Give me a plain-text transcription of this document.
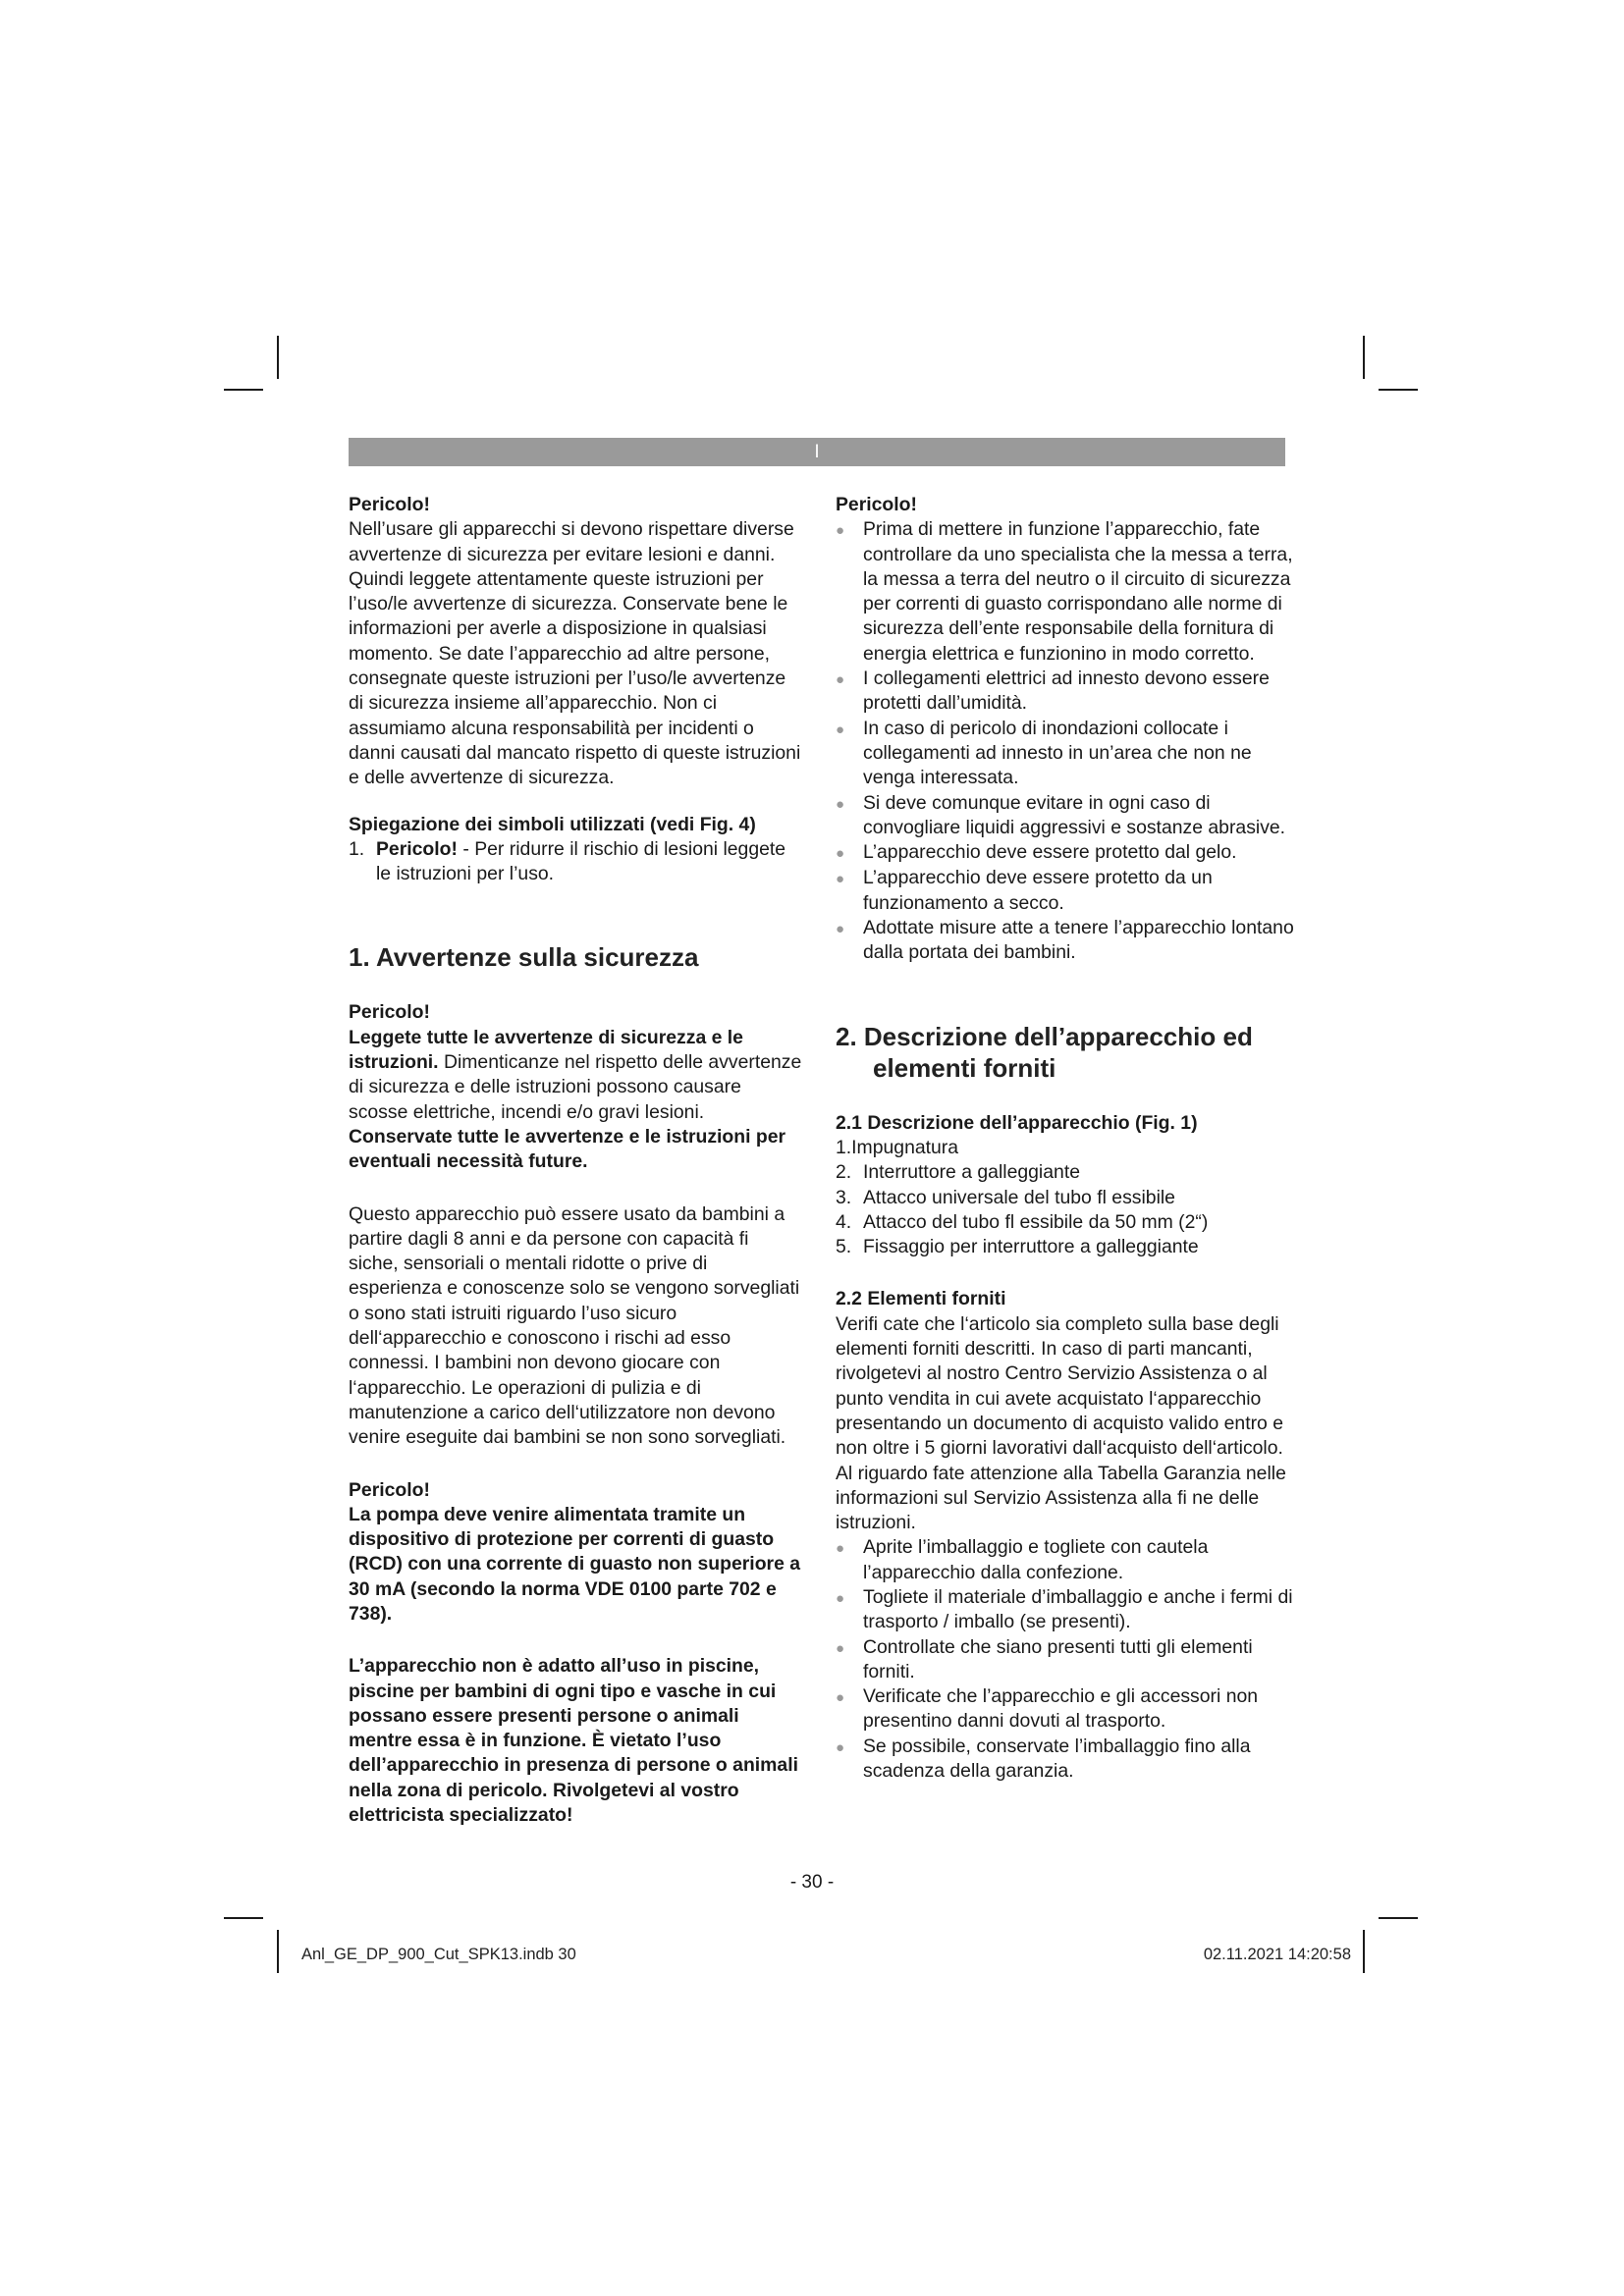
I

Pericolo!

Nell’usare gli apparecchi si devono rispettare diverse avvertenze di sicurezza per evitare lesioni e danni. Quindi leggete attentamente queste istruzioni per l’uso/le avvertenze di sicurezza. Conservate bene le informazioni per averle a disposizione in qualsiasi momento. Se date l’apparecchio ad altre persone, consegnate queste istruzioni per l’uso/le avvertenze di sicurezza insieme all’apparecchio. Non ci assumiamo alcuna responsabilità per incidenti o danni causati dal mancato rispetto di queste istruzioni e delle avvertenze di sicurezza.

Spiegazione dei simboli utilizzati (vedi Fig. 4)

1. Pericolo! - Per ridurre il rischio di lesioni leggete le istruzioni per l’uso.

1. Avvertenze sulla sicurezza

Pericolo!

Leggete tutte le avvertenze di sicurezza e le istruzioni. Dimenticanze nel rispetto delle avvertenze di sicurezza e delle istruzioni possono causare scosse elettriche, incendi e/o gravi lesioni.

Conservate tutte le avvertenze e le istruzioni per eventuali necessità future.

Questo apparecchio può essere usato da bambini a partire dagli 8 anni e da persone con capacità fi siche, sensoriali o mentali ridotte o prive di esperienza e conoscenze solo se vengono sorvegliati o sono stati istruiti riguardo l’uso sicuro dell‘apparecchio e conoscono i rischi ad esso connessi. I bambini non devono giocare con l‘apparecchio. Le operazioni di pulizia e di manutenzione a carico dell‘utilizzatore non devono venire eseguite dai bambini se non sono sorvegliati.

Pericolo!

La pompa deve venire alimentata tramite un dispositivo di protezione per correnti di guasto (RCD) con una corrente di guasto non superiore a 30 mA (secondo la norma VDE 0100 parte 702 e 738).

L’apparecchio non è adatto all’uso in piscine, piscine per bambini di ogni tipo e vasche in cui possano essere presenti persone o animali mentre essa è in funzione. È vietato l’uso dell’apparecchio in presenza di persone o animali nella zona di pericolo. Rivolgetevi al vostro elettricista specializzato!

Pericolo!

● Prima di mettere in funzione l’apparecchio, fate controllare da uno specialista che la messa a terra, la messa a terra del neutro o il circuito di sicurezza per correnti di guasto corrispondano alle norme di sicurezza dell’ente responsabile della fornitura di energia elettrica e funzionino in modo corretto.
● I collegamenti elettrici ad innesto devono essere protetti dall’umidità.
● In caso di pericolo di inondazioni collocate i collegamenti ad innesto in un’area che non ne venga interessata.
● Si deve comunque evitare in ogni caso di convogliare liquidi aggressivi e sostanze abrasive.
● L’apparecchio deve essere protetto dal gelo.
● L’apparecchio deve essere protetto da un funzionamento a secco.
● Adottate misure atte a tenere l’apparecchio lontano dalla portata dei bambini.

2. Descrizione dell’apparecchio ed elementi forniti

2.1 Descrizione dell’apparecchio (Fig. 1)

1. Impugnatura
2. Interruttore a galleggiante
3. Attacco universale del tubo fl essibile
4. Attacco del tubo fl essibile da 50 mm (2“)
5. Fissaggio per interruttore a galleggiante

2.2 Elementi forniti

Verifi cate che l‘articolo sia completo sulla base degli elementi forniti descritti. In caso di parti mancanti, rivolgetevi al nostro Centro Servizio Assistenza o al punto vendita in cui avete acquistato l‘apparecchio presentando un documento di acquisto valido entro e non oltre i 5 giorni lavorativi dall‘acquisto dell‘articolo. Al riguardo fate attenzione alla Tabella Garanzia nelle informazioni sul Servizio Assistenza alla fi ne delle istruzioni.

● Aprite l’imballaggio e togliete con cautela l’apparecchio dalla confezione.
● Togliete il materiale d’imballaggio e anche i fermi di trasporto / imballo (se presenti).
● Controllate che siano presenti tutti gli elementi forniti.
● Verificate che l’apparecchio e gli accessori non presentino danni dovuti al trasporto.
● Se possibile, conservate l’imballaggio fino alla scadenza della garanzia.
- 30 -
Anl_GE_DP_900_Cut_SPK13.indb 30	02.11.2021 14:20:58
